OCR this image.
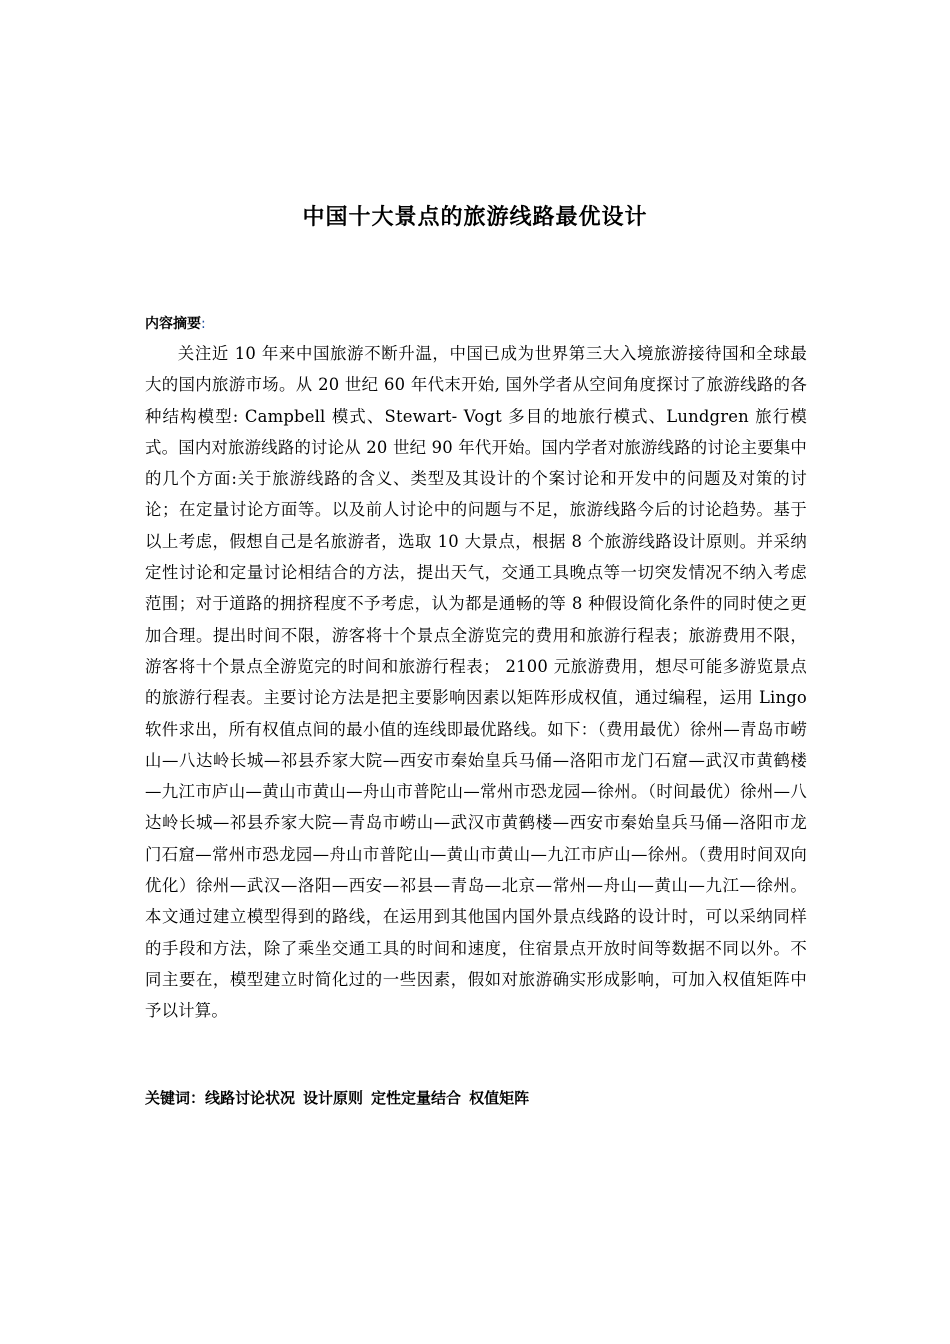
中国十大景点的旅游线路最优设计
内容摘要:

关注近 10 年来中国旅游不断升温，中国已成为世界第三大入境旅游接待国和全球最大的国内旅游市场。从 20 世纪 60 年代末开始, 国外学者从空间角度探讨了旅游线路的各种结构模型: Campbell 模式、Stewart- Vogt 多目的地旅行模式、Lundgren 旅行模式。国内对旅游线路的讨论从 20 世纪 90 年代开始。国内学者对旅游线路的讨论主要集中的几个方面:关于旅游线路的含义、类型及其设计的个案讨论和开发中的问题及对策的讨论；在定量讨论方面等。以及前人讨论中的问题与不足，旅游线路今后的讨论趋势。基于以上考虑，假想自己是名旅游者，选取 10 大景点，根据 8 个旅游线路设计原则。并采纳定性讨论和定量讨论相结合的方法，提出天气，交通工具晚点等一切突发情况不纳入考虑范围；对于道路的拥挤程度不予考虑，认为都是通畅的等 8 种假设简化条件的同时使之更加合理。提出时间不限，游客将十个景点全游览完的费用和旅游行程表；旅游费用不限，游客将十个景点全游览完的时间和旅游行程表； 2100 元旅游费用，想尽可能多游览景点的旅游行程表。主要讨论方法是把主要影响因素以矩阵形成权值，通过编程，运用 Lingo 软件求出，所有权值点间的最小值的连线即最优路线。如下：（费用最优）徐州—青岛市崂山—八达岭长城—祁县乔家大院—西安市秦始皇兵马俑—洛阳市龙门石窟—武汉市黄鹤楼—九江市庐山—黄山市黄山—舟山市普陀山—常州市恐龙园—徐州。（时间最优）徐州—八达岭长城—祁县乔家大院—青岛市崂山—武汉市黄鹤楼—西安市秦始皇兵马俑—洛阳市龙门石窟—常州市恐龙园—舟山市普陀山—黄山市黄山—九江市庐山—徐州。（费用时间双向优化）徐州—武汉—洛阳—西安—祁县—青岛—北京—常州—舟山—黄山—九江—徐州。本文通过建立模型得到的路线，在运用到其他国内国外景点线路的设计时，可以采纳同样的手段和方法，除了乘坐交通工具的时间和速度，住宿景点开放时间等数据不同以外。不同主要在，模型建立时简化过的一些因素，假如对旅游确实形成影响，可加入权值矩阵中予以计算。

关键词：线路讨论状况 设计原则 定性定量结合 权值矩阵
